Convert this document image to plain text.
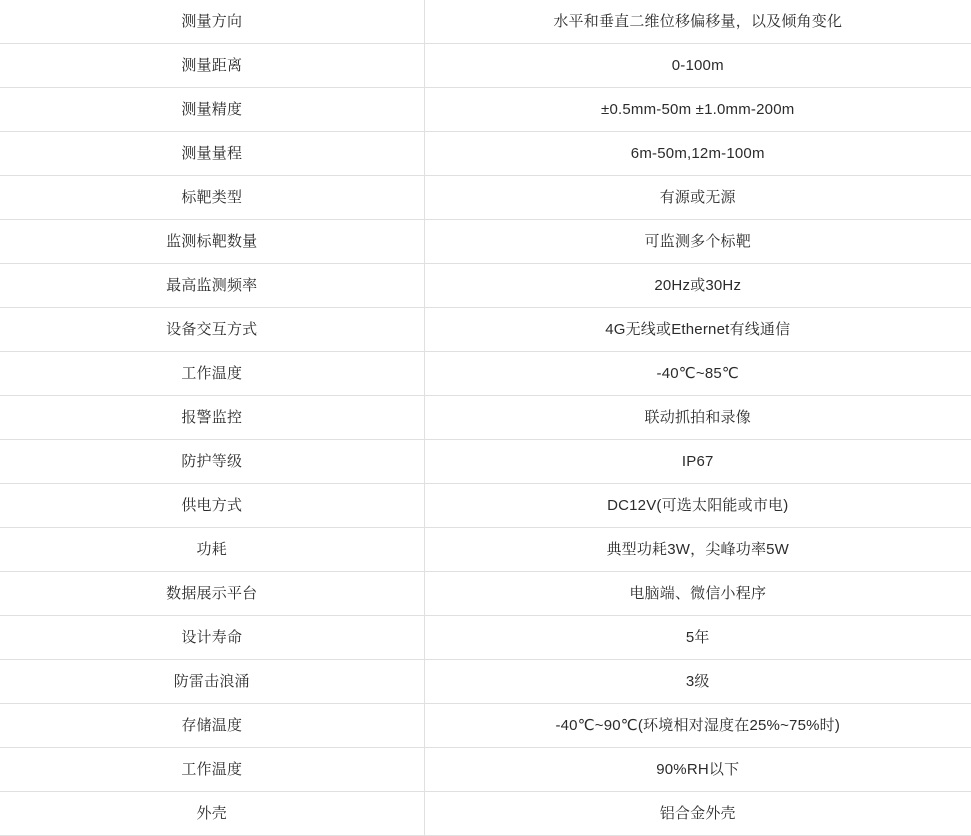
测量方向	水平和垂直二维位移偏移量，以及倾角变化
测量距离	0-100m
测量精度	±0.5mm-50m ±1.0mm-200m
测量量程	6m-50m,12m-100m
标靶类型	有源或无源
监测标靶数量	可监测多个标靶
最高监测频率	20Hz或30Hz
设备交互方式	4G无线或Ethernet有线通信
工作温度	-40℃~85℃
报警监控	联动抓拍和录像
防护等级	IP67
供电方式	DC12V(可选太阳能或市电)
功耗	典型功耗3W，尖峰功率5W
数据展示平台	电脑端、微信小程序
设计寿命	5年
防雷击浪涌	3级
存储温度	-40℃~90℃(环境相对湿度在25%~75%时)
工作温度	90%RH以下
外壳	铝合金外壳
